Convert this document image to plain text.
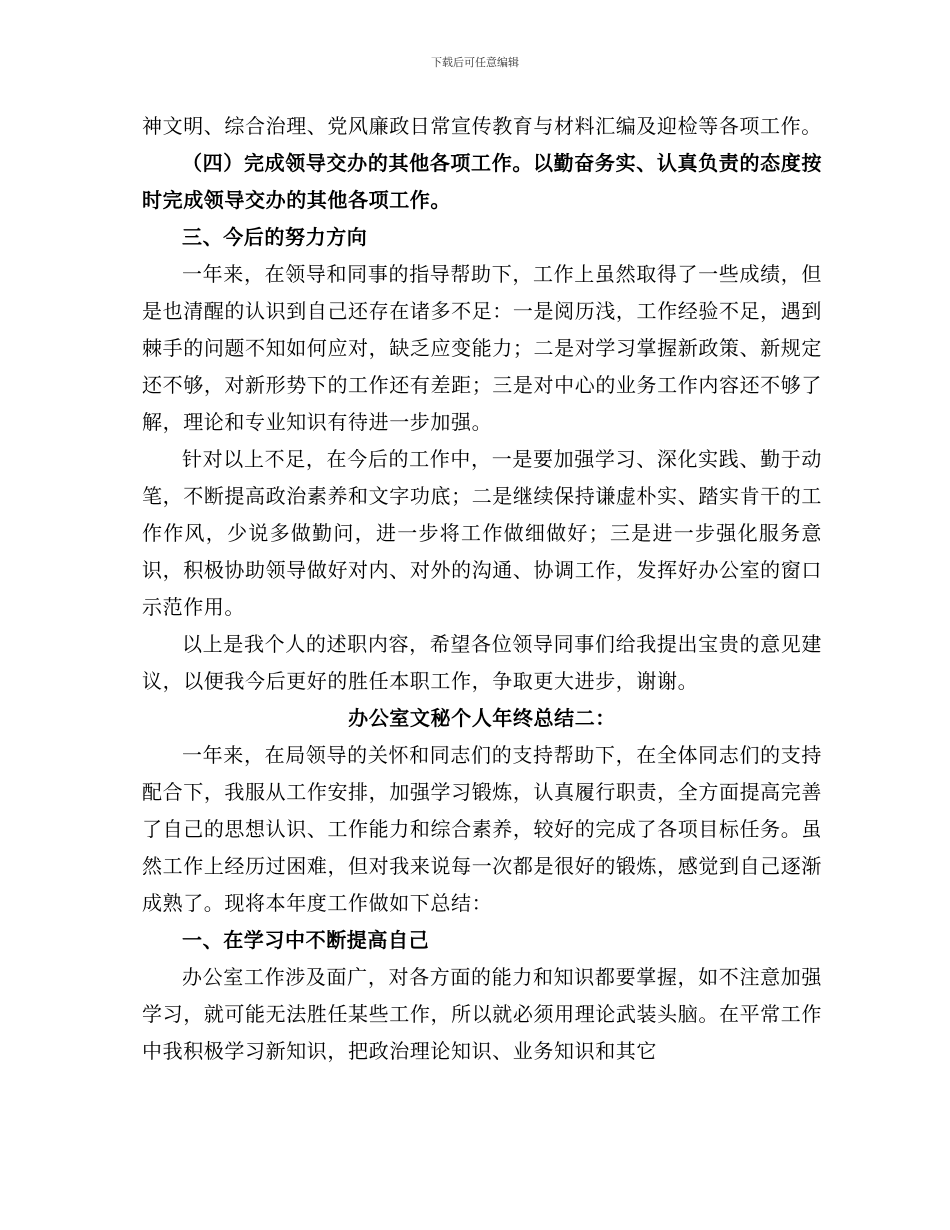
下载后可任意编辑

神文明、综合治理、党风廉政日常宣传教育与材料汇编及迎检等各项工作。

（四）完成领导交办的其他各项工作。以勤奋务实、认真负责的态度按时完成领导交办的其他各项工作。

三、今后的努力方向

一年来，在领导和同事的指导帮助下，工作上虽然取得了一些成绩，但是也清醒的认识到自己还存在诸多不足：一是阅历浅，工作经验不足，遇到棘手的问题不知如何应对，缺乏应变能力；二是对学习掌握新政策、新规定还不够，对新形势下的工作还有差距；三是对中心的业务工作内容还不够了解，理论和专业知识有待进一步加强。

针对以上不足，在今后的工作中，一是要加强学习、深化实践、勤于动笔，不断提高政治素养和文字功底；二是继续保持谦虚朴实、踏实肯干的工作作风，少说多做勤问，进一步将工作做细做好；三是进一步强化服务意识，积极协助领导做好对内、对外的沟通、协调工作，发挥好办公室的窗口示范作用。

以上是我个人的述职内容，希望各位领导同事们给我提出宝贵的意见建议，以便我今后更好的胜任本职工作，争取更大进步，谢谢。

办公室文秘个人年终总结二：

一年来，在局领导的关怀和同志们的支持帮助下，在全体同志们的支持配合下，我服从工作安排，加强学习锻炼，认真履行职责，全方面提高完善了自己的思想认识、工作能力和综合素养，较好的完成了各项目标任务。虽然工作上经历过困难，但对我来说每一次都是很好的锻炼，感觉到自己逐渐成熟了。现将本年度工作做如下总结：

一、在学习中不断提高自己

办公室工作涉及面广，对各方面的能力和知识都要掌握，如不注意加强学习，就可能无法胜任某些工作，所以就必须用理论武装头脑。在平常工作中我积极学习新知识，把政治理论知识、业务知识和其它
